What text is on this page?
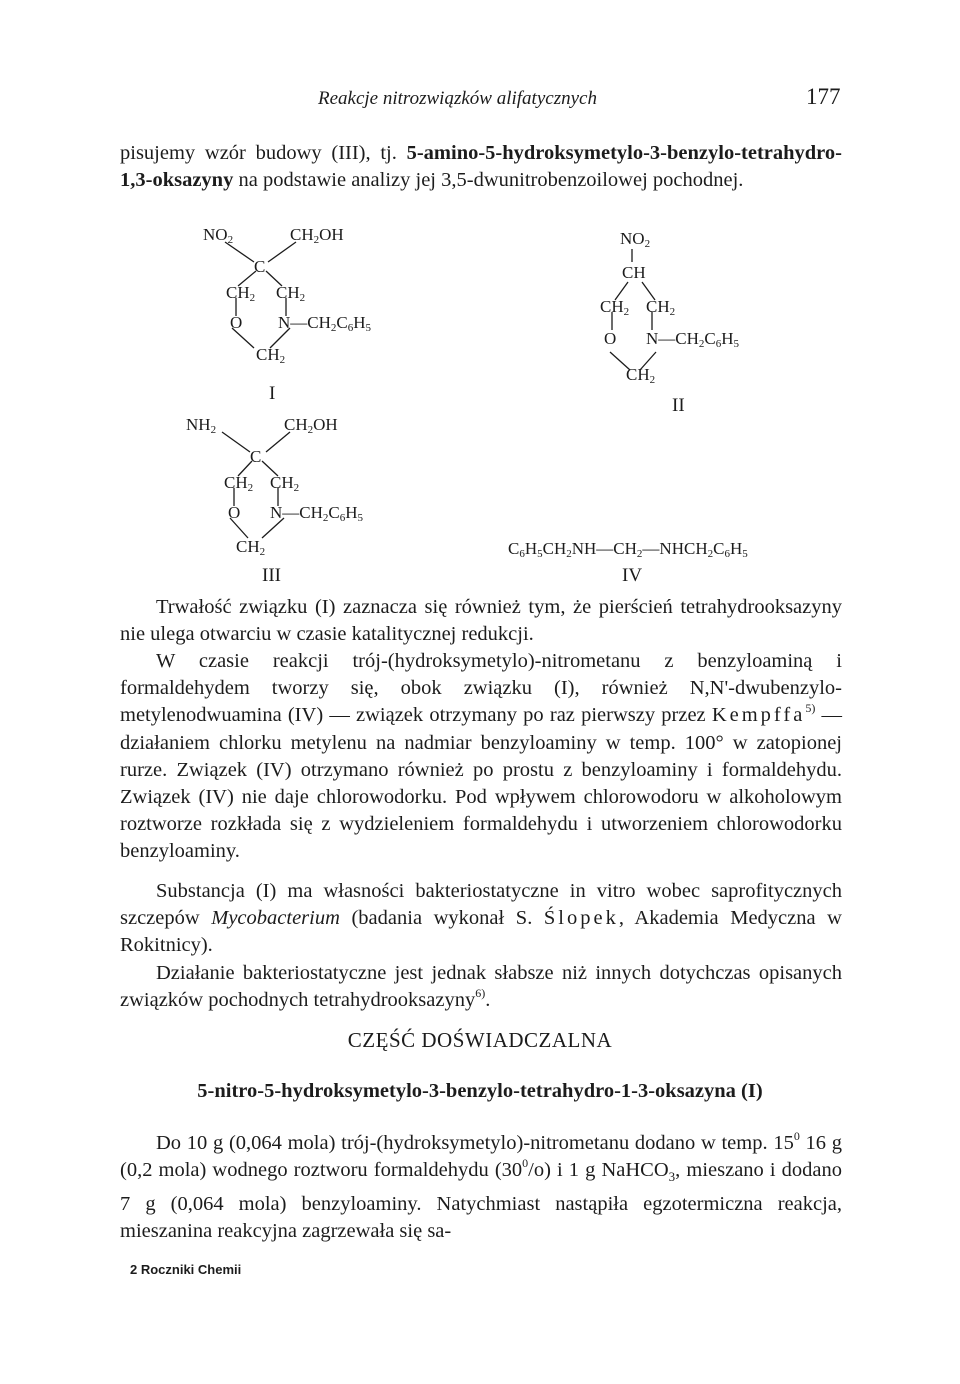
Reakcje nitrozwiązków alifatycznych	177

pisujemy wzór budowy (III), tj. 5-amino-5-hydroksymetylo-3-benzylo-tetrahydro-1,3-oksazyny na podstawie analizy jej 3,5-dwunitrobenzoilowej pochodnej.

$NO_2$	$CH_2OH$
C
$CH_2$ $CH_2$
O $N—CH_2C_6H_5$
$CH_2$
I
$NO_2$
CH
$CH_2$ $CH_2$
O $N—CH_2C_6H_5$
$CH_2$
II
$NH_2$	$CH_2OH$
C
$CH_2$ $CH_2$
O $N—CH_2C_6H_5$
$CH_2$
III
$C_6H_5CH_2NH—CH_2—NHCH_2C_6H_5$
IV

Trwałość związku (I) zaznacza się również tym, że pierścień tetrahydrooksazyny nie ulega otwarciu w czasie katalitycznej redukcji.

W czasie reakcji trój-(hydroksymetylo)-nitrometanu z benzyloaminą i formaldehydem tworzy się, obok związku (I), również N,N'-dwubenzylo-metylenodwuamina (IV) — związek otrzymany po raz pierwszy przez Kempffa$^{5)}$ — działaniem chlorku metylenu na nadmiar benzyloaminy w temp. 100° w zatopionej rurze. Związek (IV) otrzymano również po prostu z benzyloaminy i formaldehydu. Związek (IV) nie daje chlorowodorku. Pod wpływem chlorowodoru w alkoholowym roztworze rozkłada się z wydzieleniem formaldehydu i utworzeniem chlorowodorku benzyloaminy.

Substancja (I) ma własności bakteriostatyczne in vitro wobec saprofitycznych szczepów Mycobacterium (badania wykonał S. Ślopek, Akademia Medyczna w Rokitnicy).

Działanie bakteriostatyczne jest jednak słabsze niż innych dotychczas opisanych związków pochodnych tetrahydrooksazyny$^{6)}$.

CZĘŚĆ DOŚWIADCZALNA
5-nitro-5-hydroksymetylo-3-benzylo-tetrahydro-1-3-oksazyna (I)

Do 10 g (0,064 mola) trój-(hydroksymetylo)-nitrometanu dodano w temp. $15^0$ 16 g (0,2 mola) wodnego roztworu formaldehydu $(30^0/o)$ i 1 g NaHCO$_3$, mieszano i dodano 7 g (0,064 mola) benzyloaminy. Natychmiast nastąpiła egzotermiczna reakcja, mieszanina reakcyjna zagrzewała się sa-

2 Roczniki Chemii
